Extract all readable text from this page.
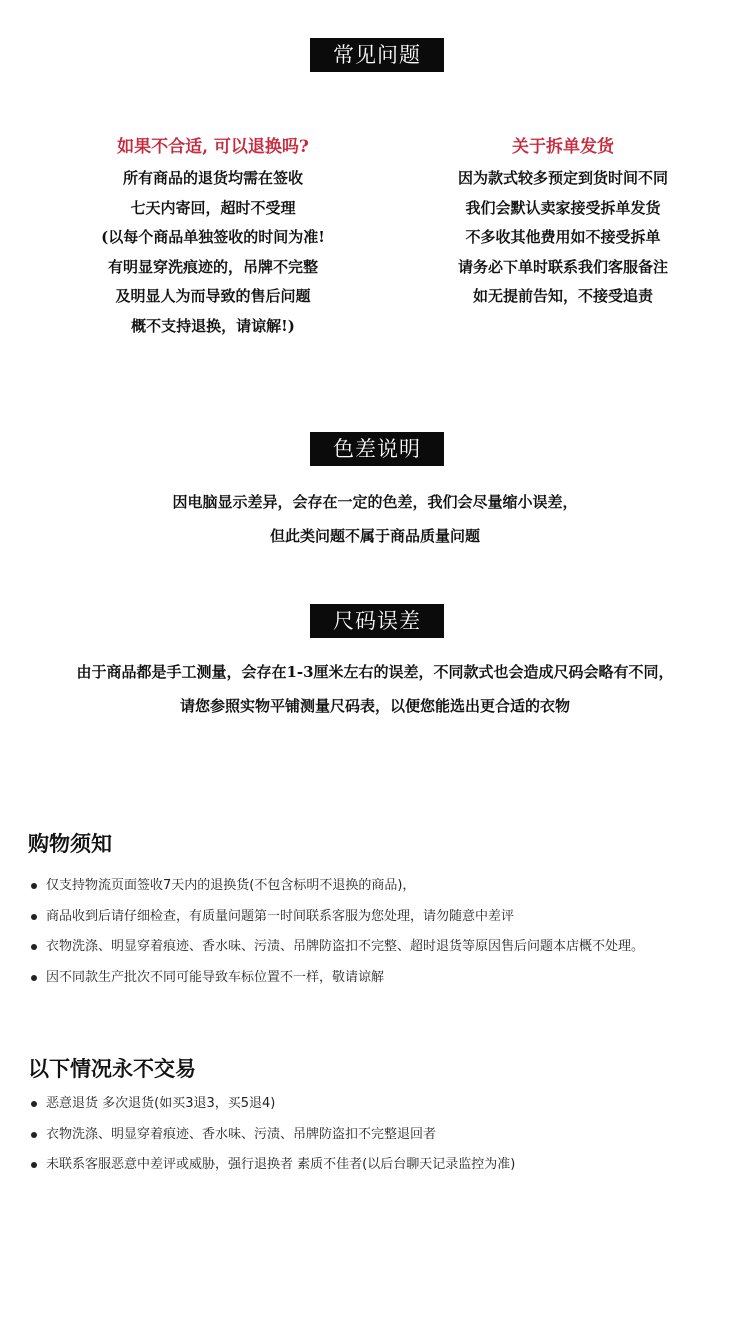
常见问题
如果不合适, 可以退换吗?
所有商品的退货均需在签收
七天内寄回，超时不受理
(以每个商品单独签收的时间为准!
有明显穿洗痕迹的，吊牌不完整
及明显人为而导致的售后问题
概不支持退换，请谅解!)
关于拆单发货
因为款式较多预定到货时间不同
我们会默认卖家接受拆单发货
不多收其他费用如不接受拆单
请务必下单时联系我们客服备注
如无提前告知，不接受追责
色差说明
因电脑显示差异，会存在一定的色差，我们会尽量缩小误差，
但此类问题不属于商品质量问题
尺码误差
由于商品都是手工测量，会存在1-3厘米左右的误差，不同款式也会造成尺码会略有不同，
请您参照实物平铺测量尺码表，以便您能选出更合适的衣物
购物须知
仅支持物流页面签收7天内的退换货(不包含标明不退换的商品)，
商品收到后请仔细检查，有质量问题第一时间联系客服为您处理，请勿随意中差评
衣物洗涤、明显穿着痕迹、香水味、污渍、吊牌防盗扣不完整、超时退货等原因售后问题本店概不处理。
因不同款生产批次不同可能导致车标位置不一样，敬请谅解
以下情况永不交易
恶意退货 多次退货(如买3退3，买5退4)
衣物洗涤、明显穿着痕迹、香水味、污渍、吊牌防盗扣不完整退回者
未联系客服恶意中差评或威胁，强行退换者 素质不佳者(以后台聊天记录监控为准)
